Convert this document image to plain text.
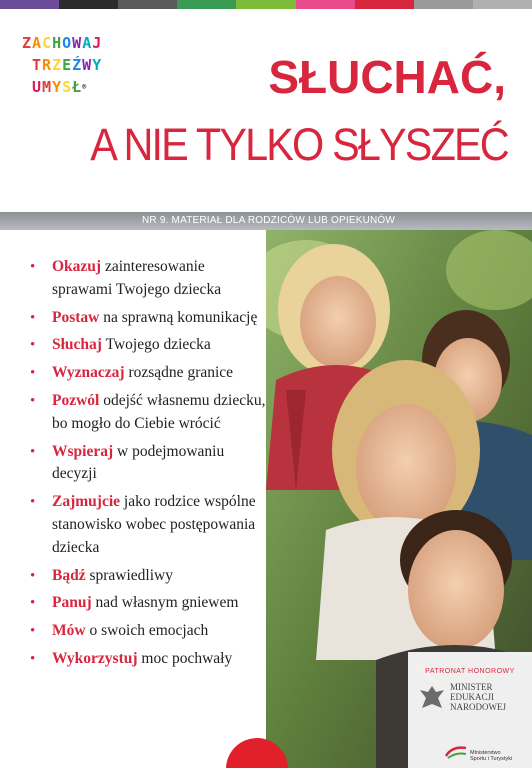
ZACHOWAJ
TRZEŹWY
UMYSŁ®	SŁUCHAĆ,
A NIE TYLKO SŁYSZEĆ
NR 9. MATERIAŁ DLA RODZICÓW LUB OPIEKUNÓW
• Okazuj zainteresowanie sprawami Twojego dziecka
• Postaw na sprawną komunikację
• Słuchaj Twojego dziecka
• Wyznaczaj rozsądne granice
• Pozwól odejść własnemu dziecku, bo mogło do Ciebie wrócić
• Wspieraj w podejmowaniu decyzji
• Zajmujcie jako rodzice wspólne stanowisko wobec postępowania dziecka
• Bądź sprawiedliwy
• Panuj nad własnym gniewem
• Mów o swoich emocjach
• Wykorzystuj moc pochwały
PATRONAT HONOROWY
MINISTER
EDUKACJI
NARODOWEJ
Ministerstwo
Sportu i Turystyki
